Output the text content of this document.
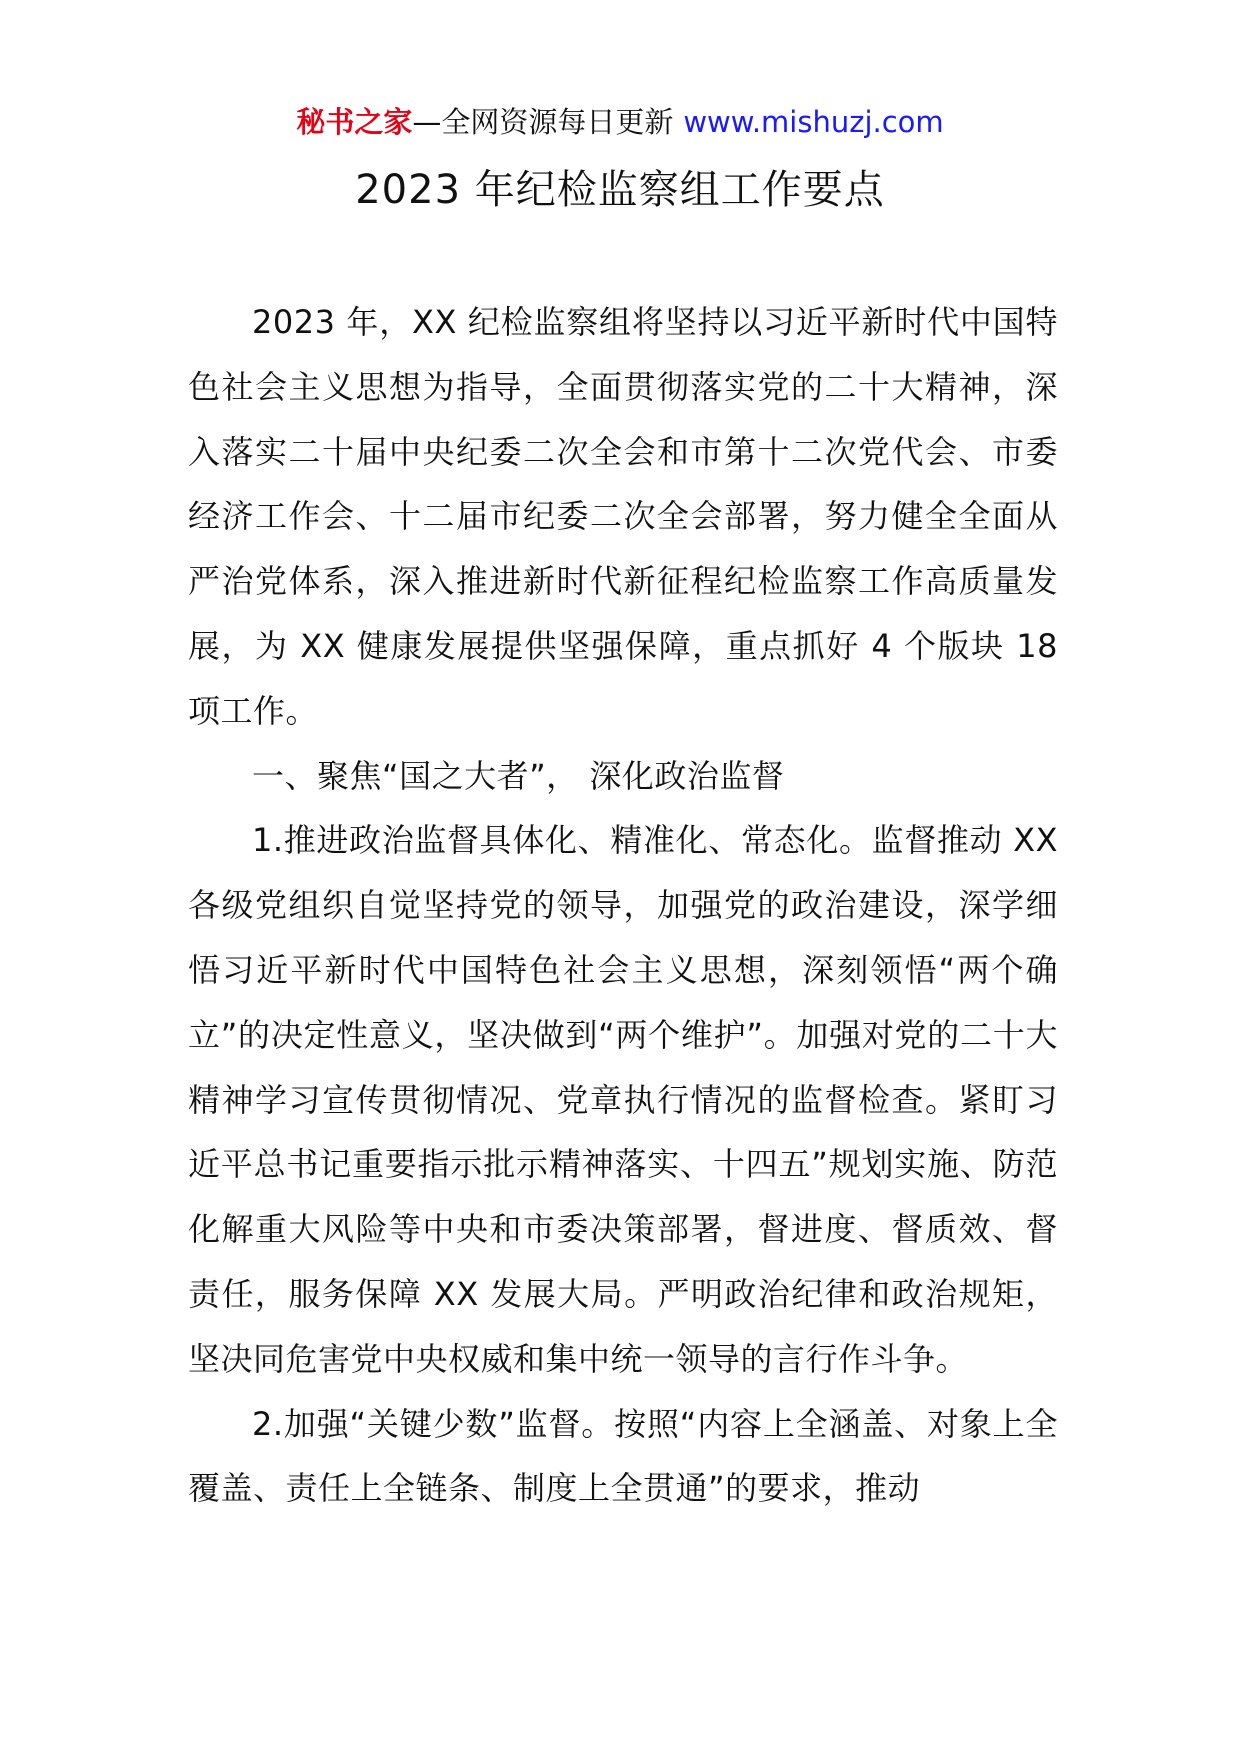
秘书之家—全网资源每日更新 www.mishuzj.com
2023 年纪检监察组工作要点

2023 年，XX 纪检监察组将坚持以习近平新时代中国特色社会主义思想为指导，全面贯彻落实党的二十大精神，深入落实二十届中央纪委二次全会和市第十二次党代会、市委经济工作会、十二届市纪委二次全会部署，努力健全全面从严治党体系，深入推进新时代新征程纪检监察工作高质量发展，为 XX 健康发展提供坚强保障，重点抓好 4 个版块 18 项工作。

一、聚焦“国之大者”， 深化政治监督

1.推进政治监督具体化、精准化、常态化。监督推动 XX 各级党组织自觉坚持党的领导，加强党的政治建设，深学细悟习近平新时代中国特色社会主义思想，深刻领悟“两个确立”的决定性意义，坚决做到“两个维护”。加强对党的二十大精神学习宣传贯彻情况、党章执行情况的监督检查。紧盯习近平总书记重要指示批示精神落实、十四五”规划实施、防范化解重大风险等中央和市委决策部署，督进度、督质效、督责任，服务保障 XX 发展大局。严明政治纪律和政治规矩，坚决同危害党中央权威和集中统一领导的言行作斗争。

2.加强“关键少数”监督。按照“内容上全涵盖、对象上全覆盖、责任上全链条、制度上全贯通”的要求，推动
